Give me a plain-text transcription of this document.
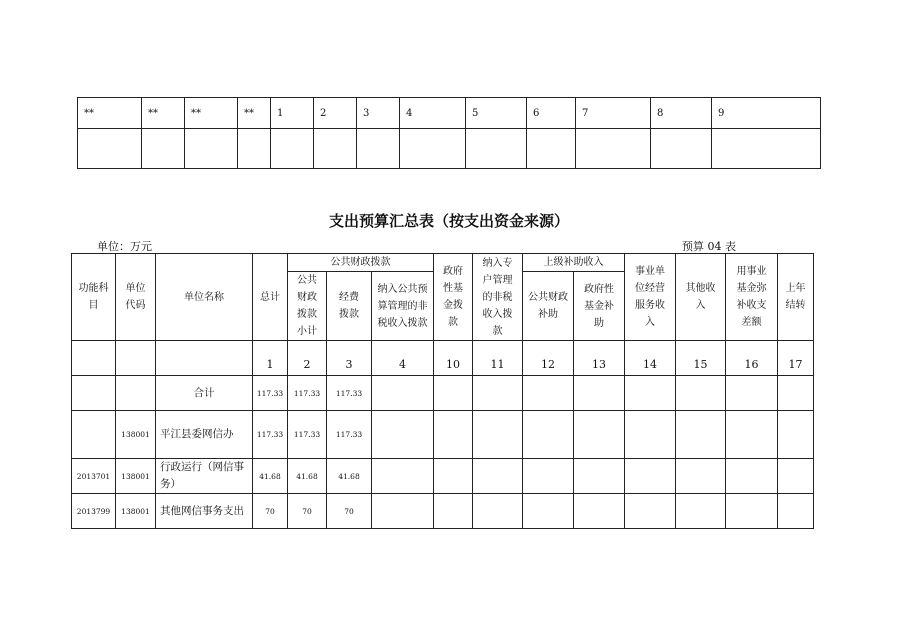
**	**	**	**	1	2	3	4	5	6	7	8	9

支出预算汇总表（按支出资金来源）
单位：万元	预算 04 表
功能科目	单位代码	单位名称	总计	公共财政拨款			政府性基金拨款	纳入专户管理的非税收入拨款	上级补助收入		事业单位经营服务收入	其他收入	用事业基金弥补收支差额	上年结转
				公共财政拨款小计	经费拨款	纳入公共预算管理的非税收入拨款			公共财政补助	政府性基金补助				
			1	2	3	4	10	11	12	13	14	15	16	17
		合计	117.33	117.33	117.33									
	138001	平江县委网信办	117.33	117.33	117.33									
2013701	138001	行政运行（网信事务）	41.68	41.68	41.68									
2013799	138001	其他网信事务支出	70	70	70									
